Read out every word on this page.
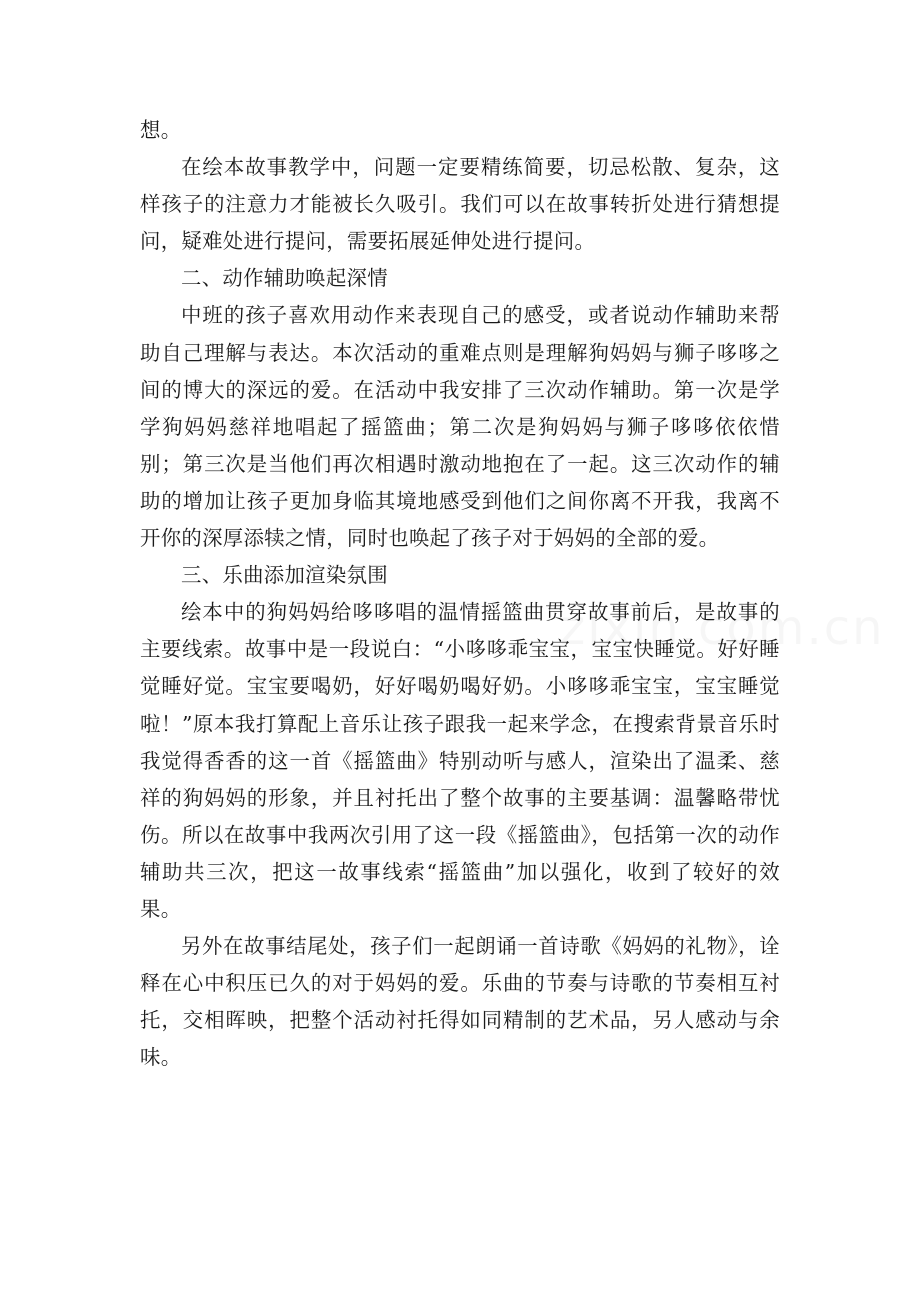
想。

在绘本故事教学中，问题一定要精练简要，切忌松散、复杂，这样孩子的注意力才能被长久吸引。我们可以在故事转折处进行猜想提问，疑难处进行提问，需要拓展延伸处进行提问。

二、动作辅助唤起深情

中班的孩子喜欢用动作来表现自己的感受，或者说动作辅助来帮助自己理解与表达。本次活动的重难点则是理解狗妈妈与狮子哆哆之间的博大的深远的爱。在活动中我安排了三次动作辅助。第一次是学学狗妈妈慈祥地唱起了摇篮曲；第二次是狗妈妈与狮子哆哆依依惜别；第三次是当他们再次相遇时激动地抱在了一起。这三次动作的辅助的增加让孩子更加身临其境地感受到他们之间你离不开我，我离不开你的深厚添犊之情，同时也唤起了孩子对于妈妈的全部的爱。

三、乐曲添加渲染氛围

绘本中的狗妈妈给哆哆唱的温情摇篮曲贯穿故事前后，是故事的主要线索。故事中是一段说白：“小哆哆乖宝宝，宝宝快睡觉。好好睡觉睡好觉。宝宝要喝奶，好好喝奶喝好奶。小哆哆乖宝宝，宝宝睡觉啦！”原本我打算配上音乐让孩子跟我一起来学念，在搜索背景音乐时我觉得香香的这一首《摇篮曲》特别动听与感人，渲染出了温柔、慈祥的狗妈妈的形象，并且衬托出了整个故事的主要基调：温馨略带忧伤。所以在故事中我两次引用了这一段《摇篮曲》，包括第一次的动作辅助共三次，把这一故事线索“摇篮曲”加以强化，收到了较好的效果。

另外在故事结尾处，孩子们一起朗诵一首诗歌《妈妈的礼物》，诠释在心中积压已久的对于妈妈的爱。乐曲的节奏与诗歌的节奏相互衬托，交相晖映，把整个活动衬托得如同精制的艺术品，另人感动与余味。
